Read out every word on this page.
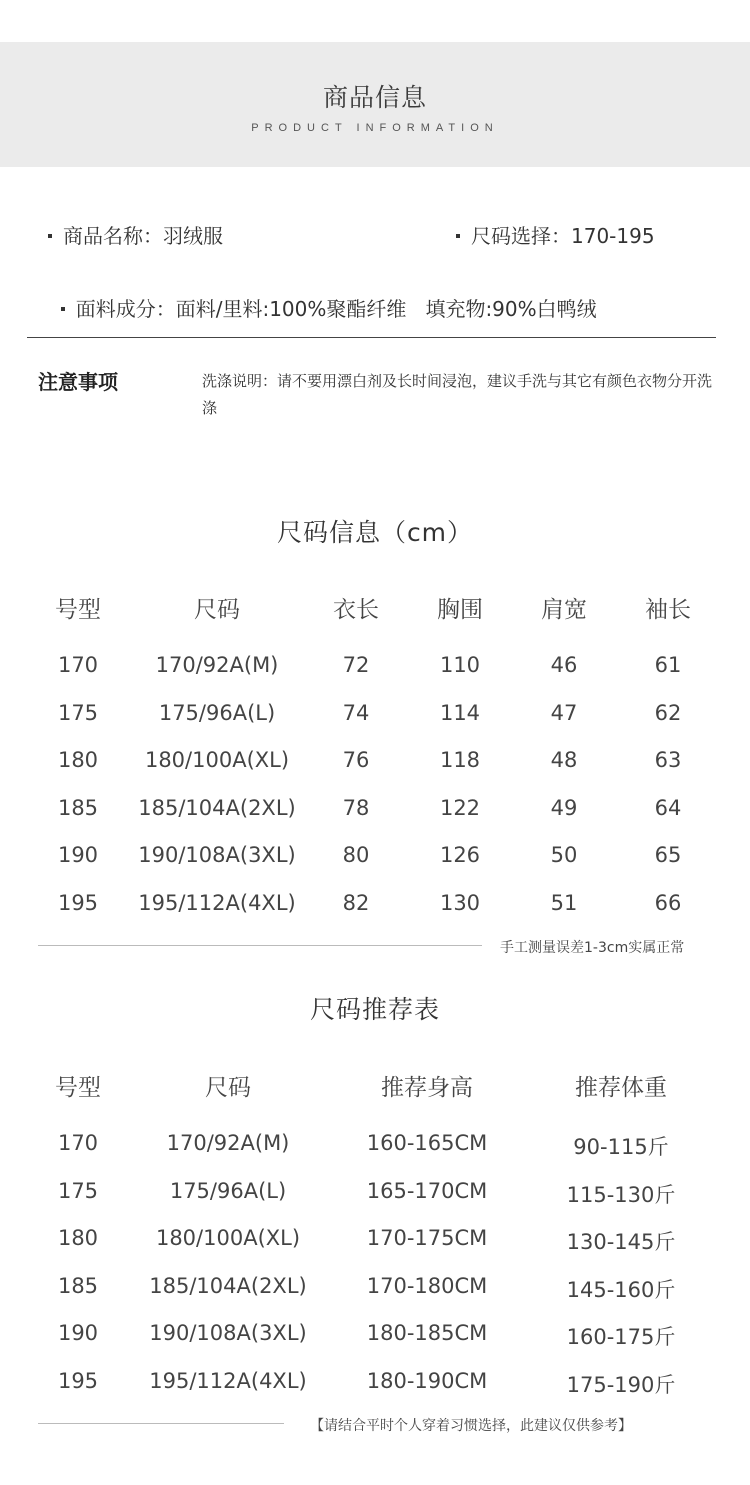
商品信息
PRODUCT INFORMATION
商品名称：羽绒服	尺码选择：170-195

面料成分：面料/里料:100%聚酯纤维   填充物:90%白鸭绒

注意事项	洗涤说明：请不要用漂白剂及长时间浸泡，建议手洗与其它有颜色衣物分开洗涤
尺码信息（cm）
号型	尺码	衣长	胸围	肩宽	袖长
170	170/92A(M)	72	110	46	61
175	175/96A(L)	74	114	47	62
180 180/100A(XL)	76	118	48	63
185 185/104A(2XL) 78	122	49	64
190 190/108A(3XL) 80	126	50	65
195 195/112A(4XL) 82	130	51	66
手工测量误差1-3cm实属正常
尺码推荐表
号型	尺码	推荐身高	推荐体重
170	170/92A(M)	160-165CM	90-115斤
175	175/96A(L)	165-170CM	115-130斤
180	180/100A(XL)	170-175CM	130-145斤
185 185/104A(2XL)	170-180CM	145-160斤
190 190/108A(3XL)	180-185CM	160-175斤
195 195/112A(4XL)	180-190CM	175-190斤
【请结合平时个人穿着习惯选择，此建议仅供参考】
